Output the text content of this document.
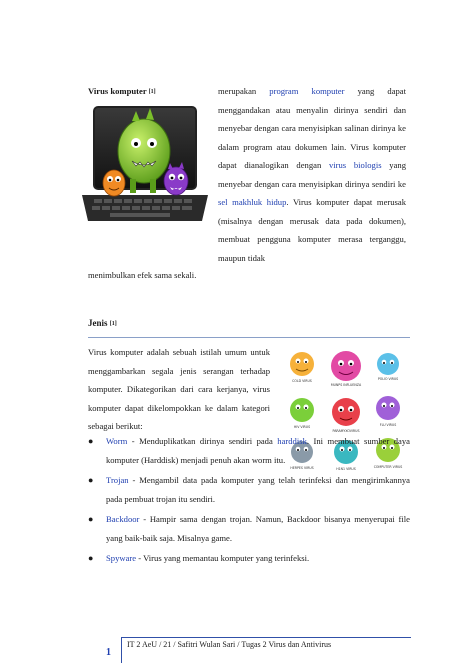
Virus komputer [1]	merupakan program komputer yang dapat menggandakan atau menyalin dirinya sendiri dan menyebar dengan cara menyisipkan salinan dirinya ke dalam program atau dokumen lain. Virus komputer dapat dianalogikan dengan virus biologis yang menyebar dengan cara menyisipkan dirinya sendiri ke sel makhluk hidup. Virus komputer dapat merusak (misalnya dengan merusak data pada dokumen), membuat pengguna komputer merasa terganggu, maupun tidak
menimbulkan efek sama sekali.
Jenis [1]
Virus komputer adalah sebuah istilah umum untuk menggambarkan segala jenis serangan terhadap komputer. Dikategorikan dari cara kerjanya, virus komputer dapat dikelompokkan ke dalam kategori sebagai berikut:
COLD VIRUS
MUNPS INFLUENZA
POLIO VIRUS
HIV VIRUS
PARAMYXOVIRUS
FLU VIRUS
HERPES VIRUS	H1N1 VIRUS	COMPUTER VIRUS
● Worm - Menduplikatkan dirinya sendiri pada harddisk. Ini membuat sumber daya komputer (Harddisk) menjadi penuh akan worm itu.
● Trojan - Mengambil data pada komputer yang telah terinfeksi dan mengirimkannya pada pembuat trojan itu sendiri.
● Backdoor - Hampir sama dengan trojan. Namun, Backdoor bisanya menyerupai file yang baik-baik saja. Misalnya game.
● Spyware - Virus yang memantau komputer yang terinfeksi.
1
IT 2 AeU / 21 / Safitri Wulan Sari / Tugas 2 Virus dan Antivirus
